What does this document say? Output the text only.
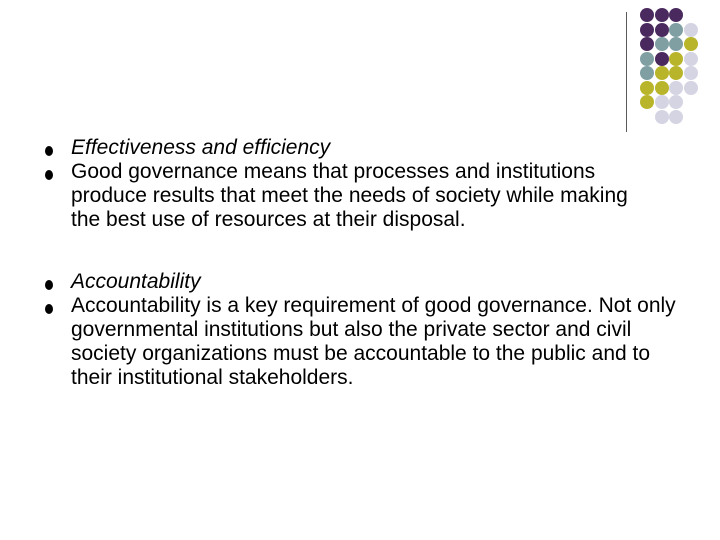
Effectiveness and efficiency
Good governance means that processes and institutions produce results that meet the needs of society while making the best use of resources at their disposal.
Accountability
Accountability is a key requirement of good governance. Not only governmental institutions but also the private sector and civil society organizations must be accountable to the public and to their institutional stakeholders.
